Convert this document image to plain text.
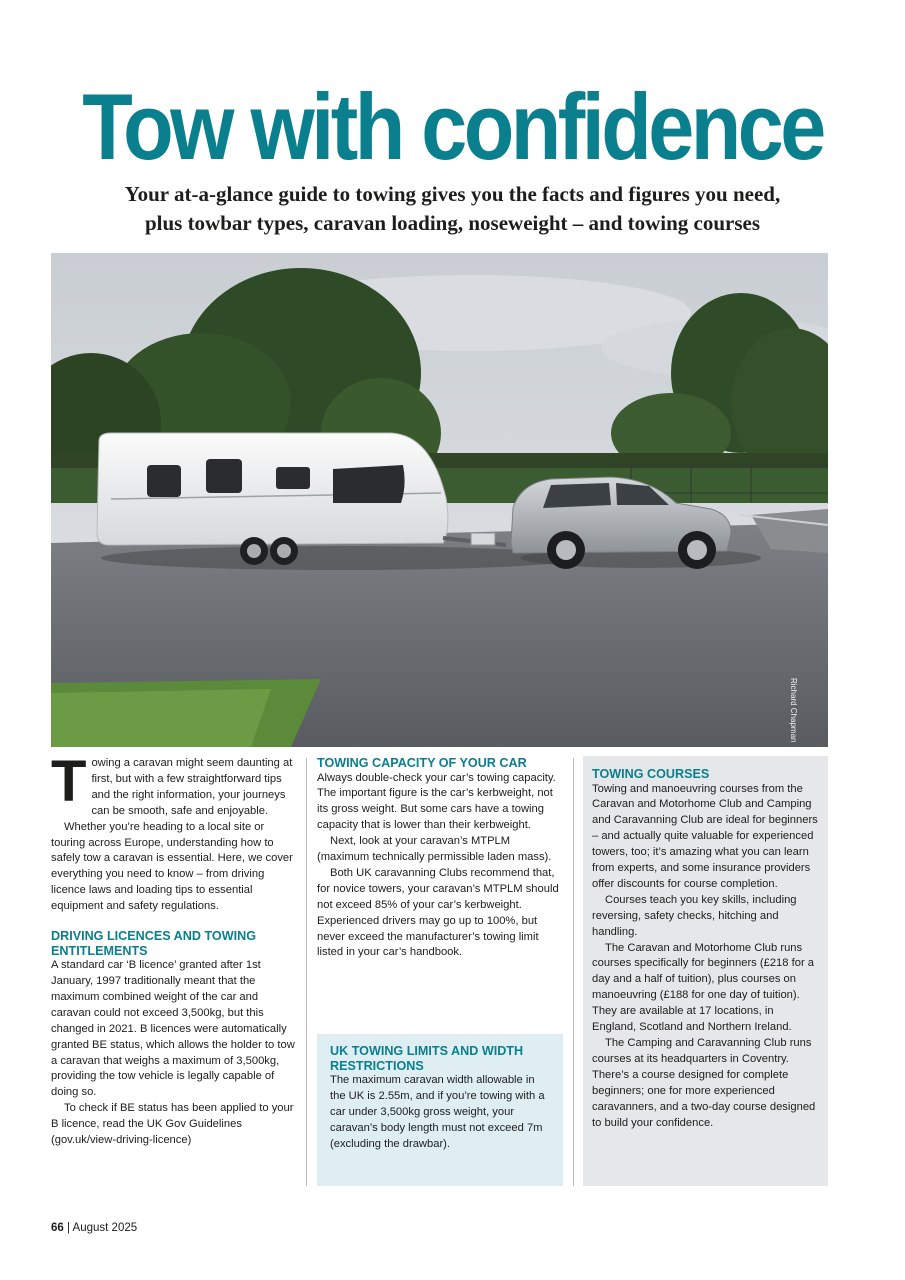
Tow with confidence
Your at-a-glance guide to towing gives you the facts and figures you need,
plus towbar types, caravan loading, noseweight – and towing courses
Richard Chapman

Towing a caravan might seem daunting at first, but with a few straightforward tips and the right information, your journeys can be smooth, safe and enjoyable.

Whether you’re heading to a local site or touring across Europe, understanding how to safely tow a caravan is essential. Here, we cover everything you need to know – from driving licence laws and loading tips to essential equipment and safety regulations.

DRIVING LICENCES AND TOWING ENTITLEMENTS

A standard car ‘B licence’ granted after 1st January, 1997 traditionally meant that the maximum combined weight of the car and caravan could not exceed 3,500kg, but this changed in 2021. B licences were automatically granted BE status, which allows the holder to tow a caravan that weighs a maximum of 3,500kg, providing the tow vehicle is legally capable of doing so.

To check if BE status has been applied to your B licence, read the UK Gov Guidelines (gov.uk/view-driving-licence)

TOWING CAPACITY OF YOUR CAR

Always double-check your car’s towing capacity. The important figure is the car’s kerbweight, not its gross weight. But some cars have a towing capacity that is lower than their kerbweight.

Next, look at your caravan’s MTPLM (maximum technically permissible laden mass).

Both UK caravanning Clubs recommend that, for novice towers, your caravan’s MTPLM should not exceed 85% of your car’s kerbweight. Experienced drivers may go up to 100%, but never exceed the manufacturer’s towing limit listed in your car’s handbook.

UK TOWING LIMITS AND WIDTH RESTRICTIONS

The maximum caravan width allowable in the UK is 2.55m, and if you’re towing with a car under 3,500kg gross weight, your caravan’s body length must not exceed 7m (excluding the drawbar).

TOWING COURSES

Towing and manoeuvring courses from the Caravan and Motorhome Club and Camping and Caravanning Club are ideal for beginners – and actually quite valuable for experienced towers, too; it’s amazing what you can learn from experts, and some insurance providers offer discounts for course completion.

Courses teach you key skills, including reversing, safety checks, hitching and handling.

The Caravan and Motorhome Club runs courses specifically for beginners (£218 for a day and a half of tuition), plus courses on manoeuvring (£188 for one day of tuition). They are available at 17 locations, in England, Scotland and Northern Ireland.

The Camping and Caravanning Club runs courses at its headquarters in Coventry. There’s a course designed for complete beginners; one for more experienced caravanners, and a two-day course designed to build your confidence.

66 | August 2025
